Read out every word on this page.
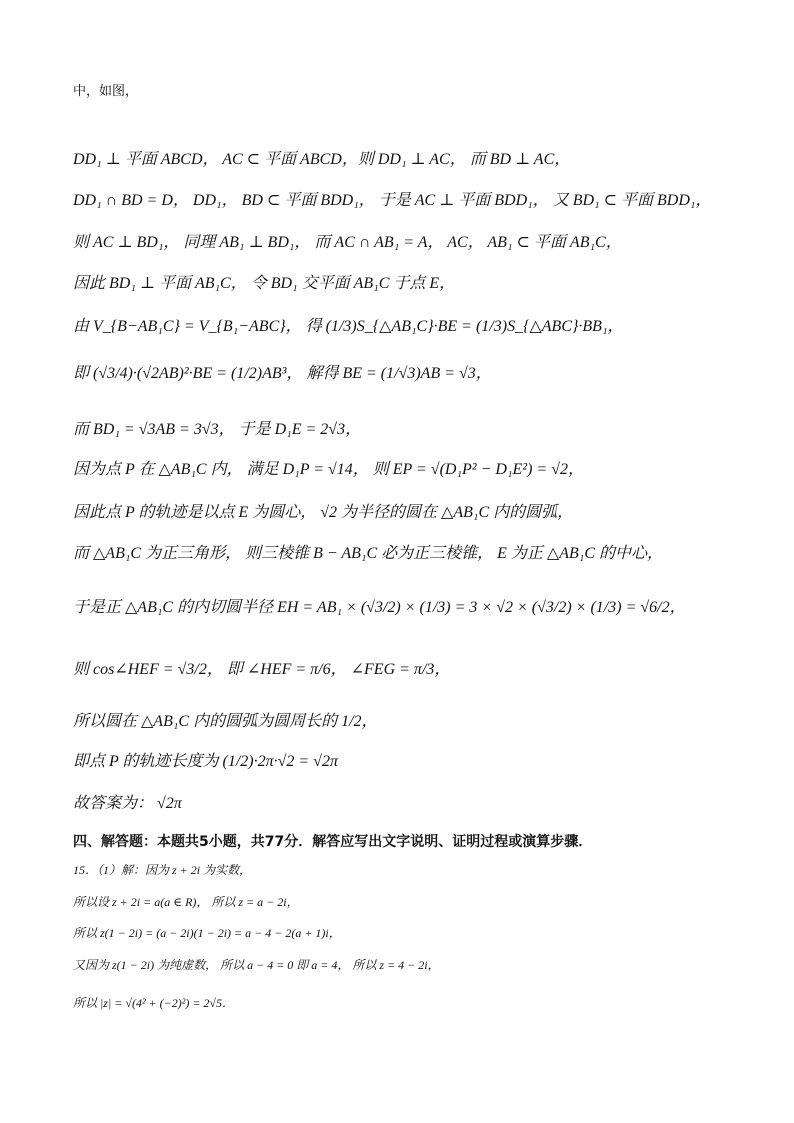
中，如图，
DD₁ ⊥ 平面 ABCD， AC ⊂ 平面 ABCD，则 DD₁ ⊥ AC， 而 BD ⊥ AC，
DD₁ ∩ BD = D， DD₁， BD ⊂ 平面 BDD₁， 于是 AC ⊥ 平面 BDD₁， 又 BD₁ ⊂ 平面 BDD₁，
则 AC ⊥ BD₁， 同理 AB₁ ⊥ BD₁， 而 AC ∩ AB₁ = A， AC， AB₁ ⊂ 平面 AB₁C，
因此 BD₁ ⊥ 平面 AB₁C， 令 BD₁ 交平面 AB₁C 于点 E，
由 V_{B−AB₁C} = V_{B₁−ABC}， 得 (1/3)S_{△AB₁C}·BE = (1/3)S_{△ABC}·BB₁，
即 (√3/4)·(√2AB)²·BE = (1/2)AB³， 解得 BE = (1/√3)AB = √3，
而 BD₁ = √3AB = 3√3， 于是 D₁E = 2√3，
因为点 P 在 △AB₁C 内， 满足 D₁P = √14， 则 EP = √(D₁P² − D₁E²) = √2，
因此点 P 的轨迹是以点 E 为圆心， √2 为半径的圆在 △AB₁C 内的圆弧，
而 △AB₁C 为正三角形， 则三棱锥 B − AB₁C 必为正三棱锥， E 为正 △AB₁C 的中心，
于是正 △AB₁C 的内切圆半径 EH = AB₁ × (√3/2) × (1/3) = 3 × √2 × (√3/2) × (1/3) = √6/2，
则 cos∠HEF = √3/2， 即 ∠HEF = π/6， ∠FEG = π/3，
所以圆在 △AB₁C 内的圆弧为圆周长的 1/2，
即点 P 的轨迹长度为 (1/2)·2π·√2 = √2π
故答案为： √2π
四、解答题：本题共5小题，共77分．解答应写出文字说明、证明过程或演算步骤．
15．（1）解：因为 z + 2i 为实数，
所以设 z + 2i = a(a ∈ R)， 所以 z = a − 2i，
所以 z(1 − 2i) = (a − 2i)(1 − 2i) = a − 4 − 2(a + 1)i，
又因为 z(1 − 2i) 为纯虚数， 所以 a − 4 = 0 即 a = 4， 所以 z = 4 − 2i，
所以 |z| = √(4² + (−2)²) = 2√5．
